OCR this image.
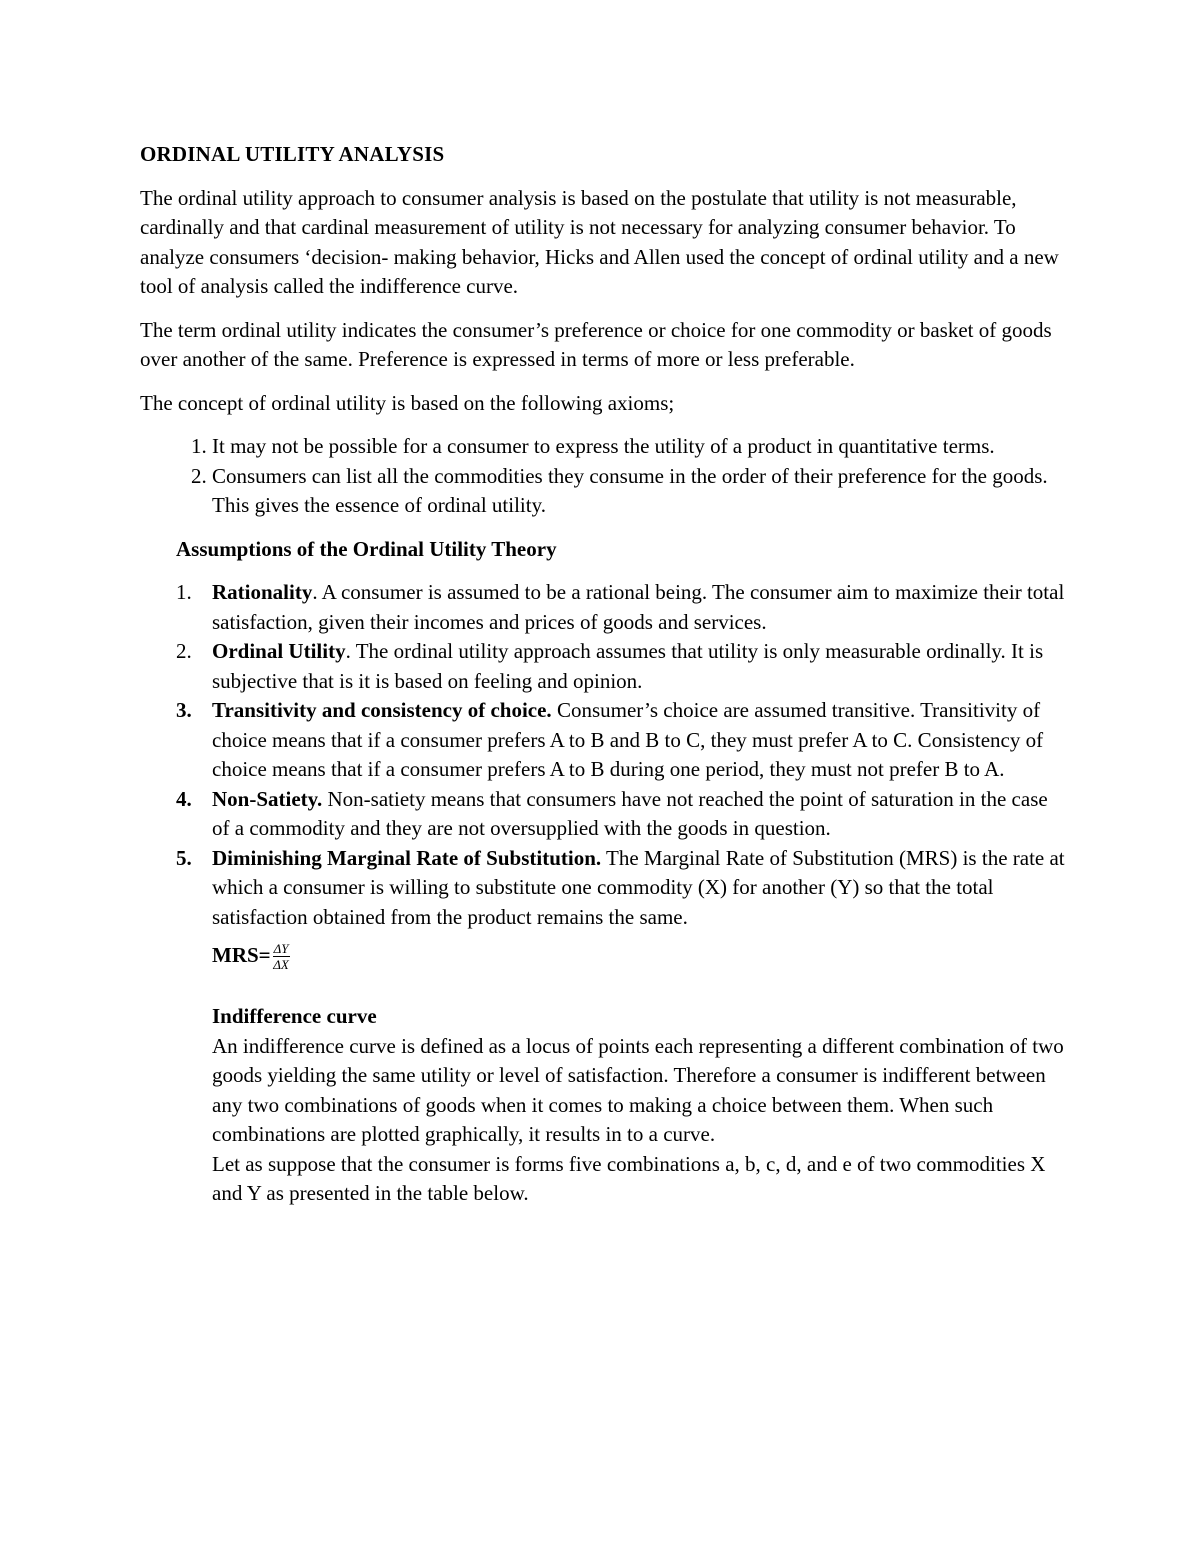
ORDINAL UTILITY ANALYSIS

The ordinal utility approach to consumer analysis is based on the postulate that utility is not measurable, cardinally and that cardinal measurement of utility is not necessary for analyzing consumer behavior. To analyze consumers ‘decision- making behavior, Hicks and Allen used the concept of ordinal utility and a new tool of analysis called the indifference curve.

The term ordinal utility indicates the consumer’s preference or choice for one commodity or basket of goods over another of the same. Preference is expressed in terms of more or less preferable.

The concept of ordinal utility is based on the following axioms;

1. It may not be possible for a consumer to express the utility of a product in quantitative terms.
2. Consumers can list all the commodities they consume in the order of their preference for the goods. This gives the essence of ordinal utility.
Assumptions of the Ordinal Utility Theory
1. Rationality. A consumer is assumed to be a rational being. The consumer aim to maximize their total satisfaction, given their incomes and prices of goods and services.
2. Ordinal Utility. The ordinal utility approach assumes that utility is only measurable ordinally. It is subjective that is it is based on feeling and opinion.
3. Transitivity and consistency of choice. Consumer’s choice are assumed transitive. Transitivity of choice means that if a consumer prefers A to B and B to C, they must prefer A to C. Consistency of choice means that if a consumer prefers A to B during one period, they must not prefer B to A.
4. Non-Satiety. Non-satiety means that consumers have not reached the point of saturation in the case of a commodity and they are not oversupplied with the goods in question.
5. Diminishing Marginal Rate of Substitution. The Marginal Rate of Substitution (MRS) is the rate at which a consumer is willing to substitute one commodity (X) for another (Y) so that the total satisfaction obtained from the product remains the same.
$MRS= \frac{\Delta Y}{\Delta X}$
Indifference curve
An indifference curve is defined as a locus of points each representing a different combination of two goods yielding the same utility or level of satisfaction. Therefore a consumer is indifferent between any two combinations of goods when it comes to making a choice between them. When such combinations are plotted graphically, it results in to a curve.
Let as suppose that the consumer is forms five combinations a, b, c, d, and e of two commodities X and Y as presented in the table below.
